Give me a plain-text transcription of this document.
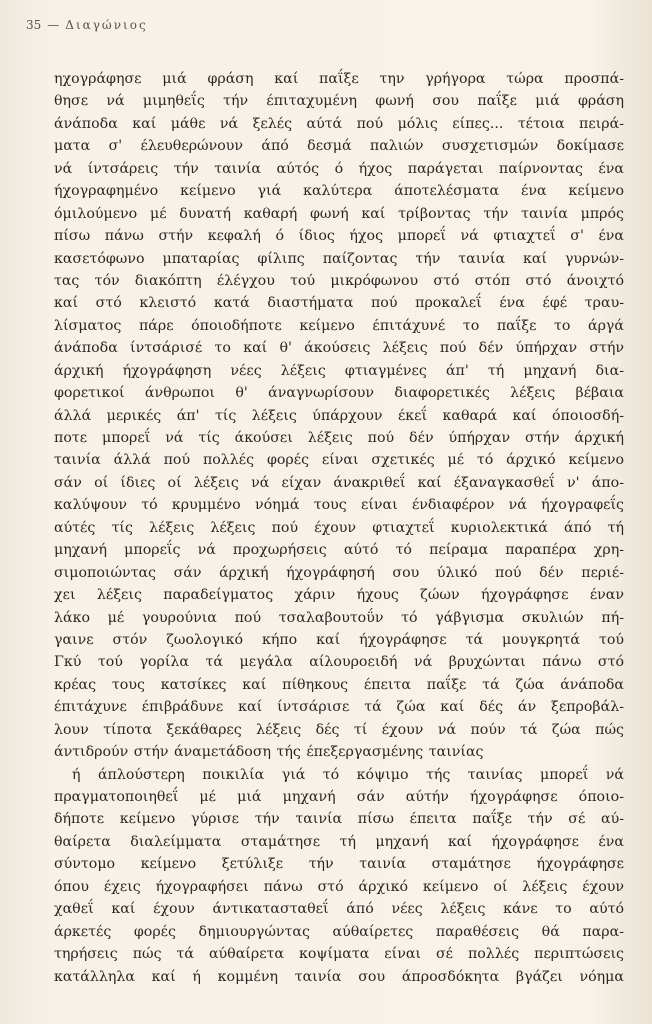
35 — Διαγώνιος
ηχογράφησε μιά φράση καί παΐξε την γρήγορα τώρα προσπά-
θησε νά μιμηθεΐς τήν έπιταχυμένη φωνή σου παΐξε μιά φράση
άνάποδα καί μάθε νά ξελές αύτά πού μόλις είπες... τέτοια πειρά-
ματα σ' έλευθερώνουν άπό δεσμά παλιών συσχετισμών δοκίμασε
νά ίντσάρεις τήν ταινία αύτός ό ήχος παράγεται παίρνοντας ένα
ήχογραφημένο κείμενο γιά καλύτερα άποτελέσματα ένα κείμενο
όμιλούμενο μέ δυνατή καθαρή φωνή καί τρίβοντας τήν ταινία μπρός
πίσω πάνω στήν κεφαλή ό ίδιος ήχος μπορεΐ νά φτιαχτεΐ σ' ένα
κασετόφωνο μπαταρίας φίλιπς παίζοντας τήν ταινία καί γυρνών-
τας τόν διακόπτη έλέγχου τού μικρόφωνου στό στόπ στό άνοιχτό
καί στό κλειστό κατά διαστήματα πού προκαλεΐ ένα έφέ τραυ-
λίσματος πάρε όποιοδήποτε κείμενο έπιτάχυνέ το παΐξε το άργά
άνάποδα ίντσάρισέ το καί θ' άκούσεις λέξεις πού δέν ύπήρχαν στήν
άρχική ήχογράφηση νέες λέξεις φτιαγμένες άπ' τή μηχανή δια-
φορετικοί άνθρωποι θ' άναγνωρίσουν διαφορετικές λέξεις βέβαια
άλλά μερικές άπ' τίς λέξεις ύπάρχουν έκεΐ καθαρά καί όποιοσδή-
ποτε μπορεΐ νά τίς άκούσει λέξεις πού δέν ύπήρχαν στήν άρχική
ταινία άλλά πού πολλές φορές είναι σχετικές μέ τό άρχικό κείμενο
σάν οί ίδιες οί λέξεις νά είχαν άνακριθεΐ καί έξαναγκασθεΐ ν' άπο-
καλύψουν τό κρυμμένο νόημά τους είναι ένδιαφέρον νά ήχογραφεΐς
αύτές τίς λέξεις λέξεις πού έχουν φτιαχτεΐ κυριολεκτικά άπό τή
μηχανή μπορεΐς νά προχωρήσεις αύτό τό πείραμα παραπέρα χρη-
σιμοποιώντας σάν άρχική ήχογράφησή σου ύλικό πού δέν περιέ-
χει λέξεις παραδείγματος χάριν ήχους ζώων ήχογράφησε έναν
λάκο μέ γουρούνια πού τσαλαβουτοΰν τό γάβγισμα σκυλιών πή-
γαινε στόν ζωολογικό κήπο καί ήχογράφησε τά μουγκρητά τού
Γκύ τού γορίλα τά μεγάλα αίλουροειδή νά βρυχώνται πάνω στό
κρέας τους κατσίκες καί πίθηκους έπειτα παΐξε τά ζώα άνάποδα
έπιτάχυνε έπιβράδυνε καί ίντσάρισε τά ζώα καί δές άν ξεπροβάλ-
λουν τίποτα ξεκάθαρες λέξεις δές τί έχουν νά πούν τά ζώα πώς
άντιδρούν στήν άναμετάδοση τής έπεξεργασμένης ταινίας
ή άπλούστερη ποικιλία γιά τό κόψιμο τής ταινίας μπορεΐ νά
πραγματοποιηθεΐ μέ μιά μηχανή σάν αύτήν ήχογράφησε όποιο-
δήποτε κείμενο γύρισε τήν ταινία πίσω έπειτα παΐξε τήν σέ αύ-
θαίρετα διαλείμματα σταμάτησε τή μηχανή καί ήχογράφησε ένα
σύντομο κείμενο ξετύλιξε τήν ταινία σταμάτησε ήχογράφησε
όπου έχεις ήχογραφήσει πάνω στό άρχικό κείμενο οί λέξεις έχουν
χαθεΐ καί έχουν άντικατασταθεΐ άπό νέες λέξεις κάνε το αύτό
άρκετές φορές δημιουργώντας αύθαίρετες παραθέσεις θά παρα-
τηρήσεις πώς τά αύθαίρετα κοψίματα είναι σέ πολλές περιπτώσεις
κατάλληλα καί ή κομμένη ταινία σου άπροσδόκητα βγάζει νόημα
